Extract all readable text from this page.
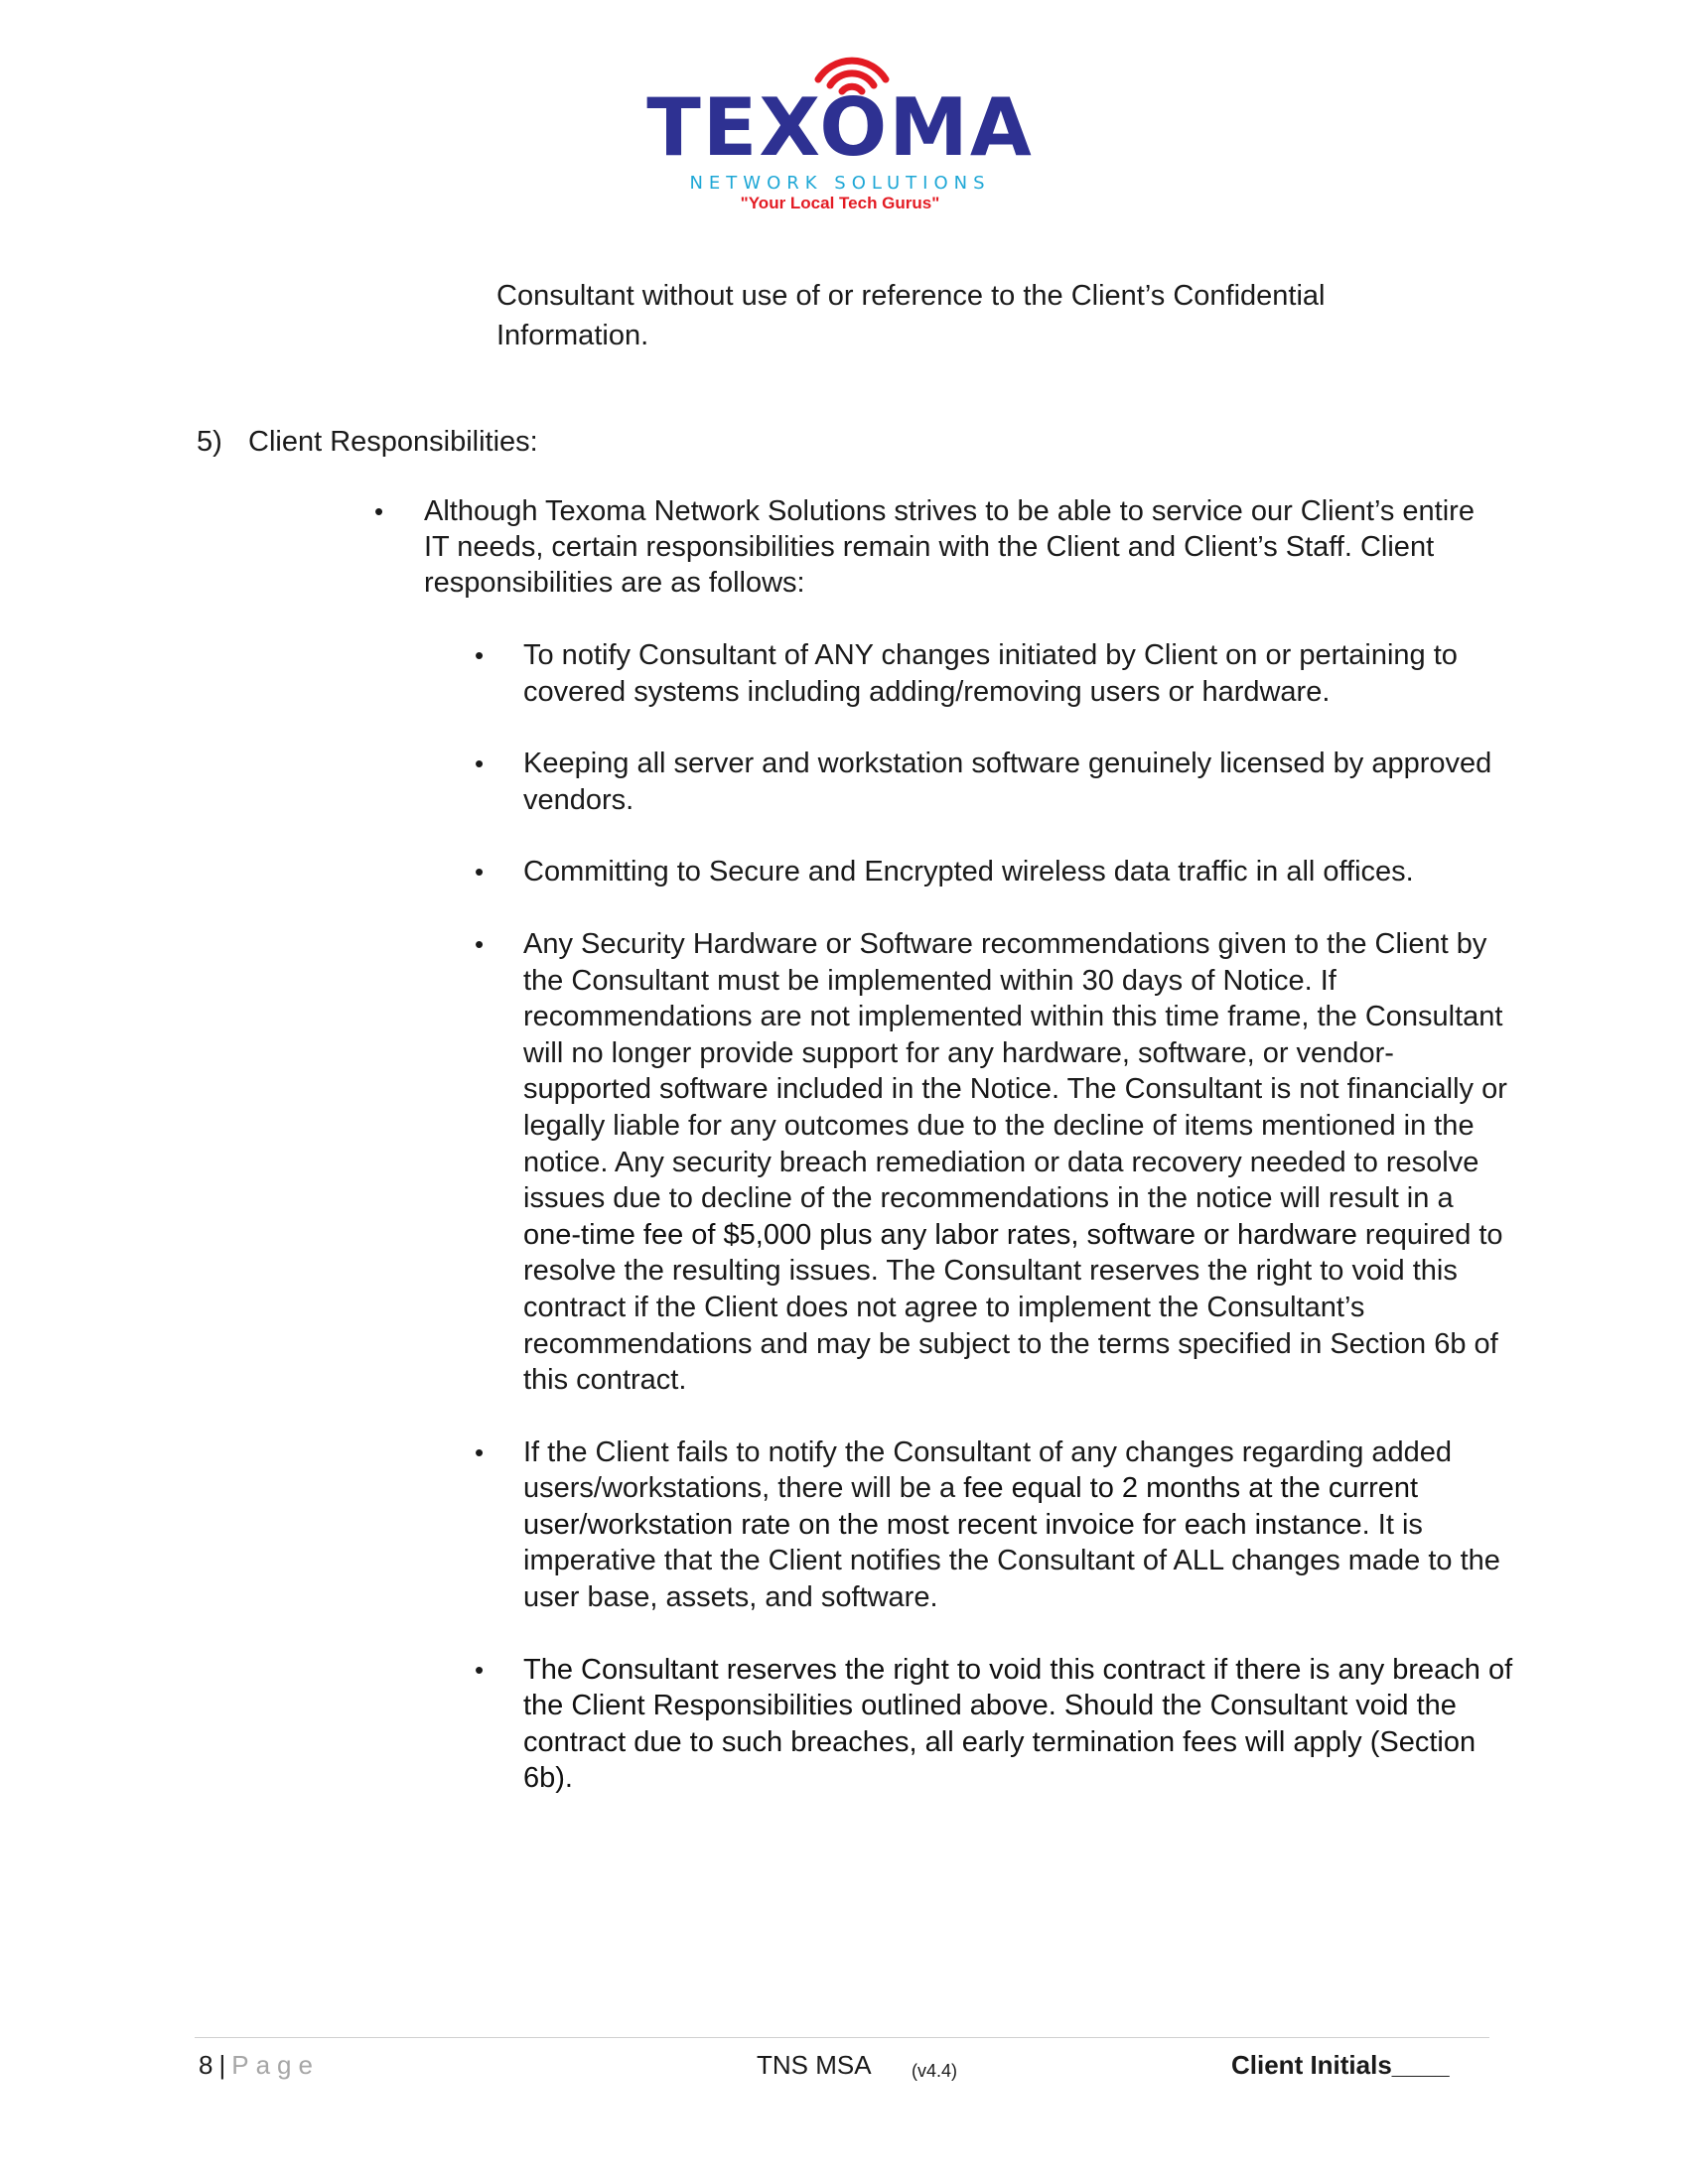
TEXOMA
NETWORK SOLUTIONS
"Your Local Tech Gurus"
Consultant without use of or reference to the Client’s Confidential Information.
5) Client Responsibilities:
•	Although Texoma Network Solutions strives to be able to service our Client’s entire IT needs, certain responsibilities remain with the Client and Client’s Staff. Client responsibilities are as follows:
• To notify Consultant of ANY changes initiated by Client on or pertaining to covered systems including adding/removing users or hardware.
• Keeping all server and workstation software genuinely licensed by approved vendors.
• Committing to Secure and Encrypted wireless data traffic in all offices.
• Any Security Hardware or Software recommendations given to the Client by the Consultant must be implemented within 30 days of Notice. If recommendations are not implemented within this time frame, the Consultant will no longer provide support for any hardware, software, or vendor-supported software included in the Notice. The Consultant is not financially or legally liable for any outcomes due to the decline of items mentioned in the notice. Any security breach remediation or data recovery needed to resolve issues due to decline of the recommendations in the notice will result in a one-time fee of $5,000 plus any labor rates, software or hardware required to resolve the resulting issues. The Consultant reserves the right to void this contract if the Client does not agree to implement the Consultant’s recommendations and may be subject to the terms specified in Section 6b of this contract.
• If the Client fails to notify the Consultant of any changes regarding added users/workstations, there will be a fee equal to 2 months at the current user/workstation rate on the most recent invoice for each instance. It is imperative that the Client notifies the Consultant of ALL changes made to the user base, assets, and software.
• The Consultant reserves the right to void this contract if there is any breach of the Client Responsibilities outlined above. Should the Consultant void the contract due to such breaches, all early termination fees will apply (Section 6b).
8 | Page	TNS MSA (v4.4)	Client Initials____
